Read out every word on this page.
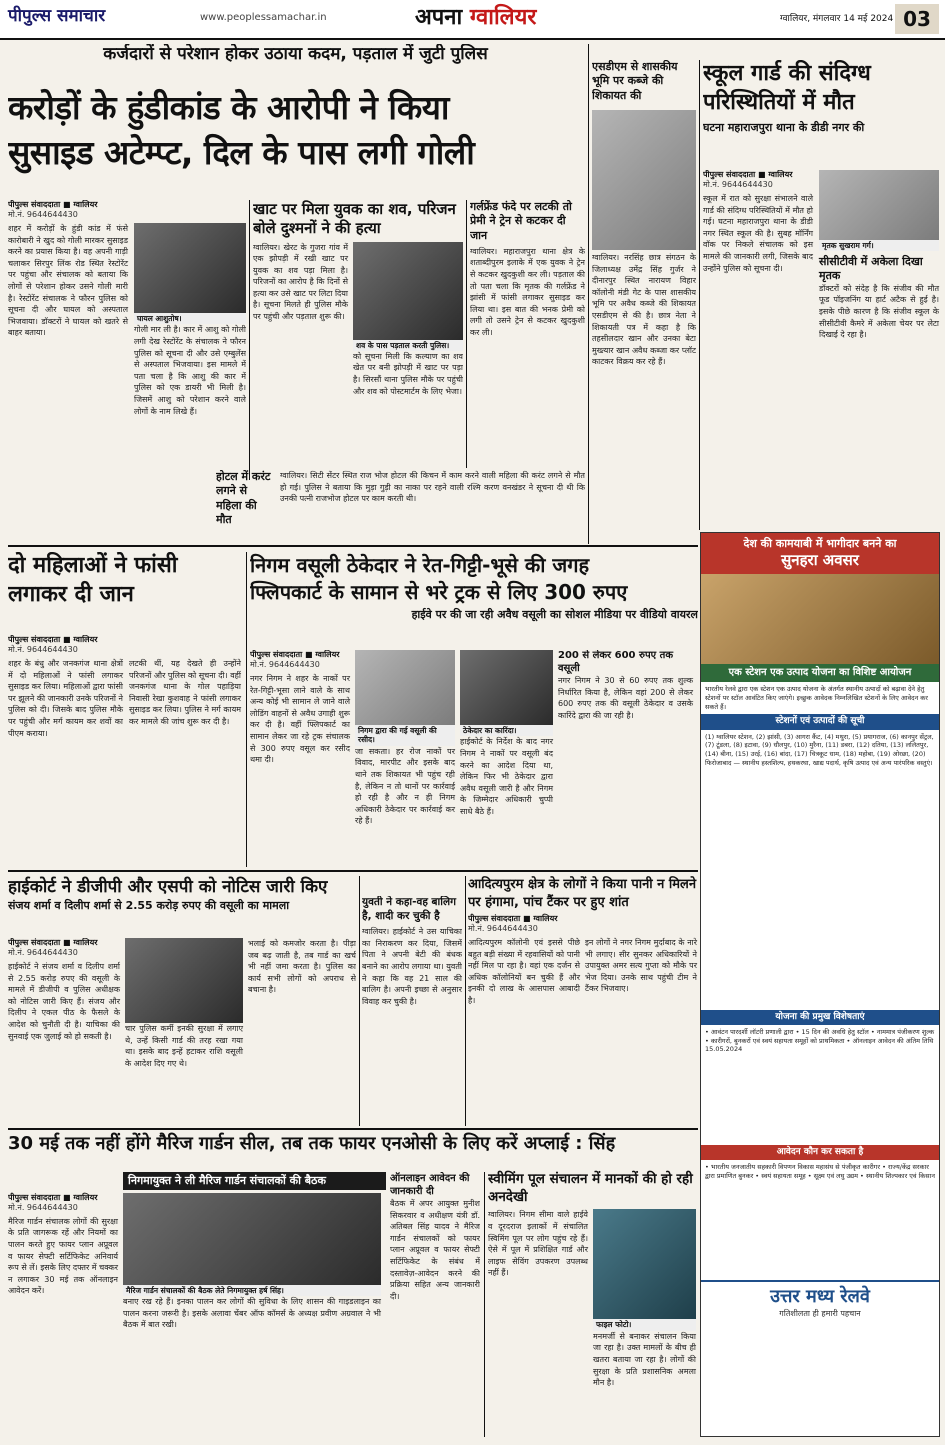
पीपुल्स समाचार	www.peoplessamachar.in	अपना ग्वालियर	ग्वालियर, मंगलवार 14 मई 2024 03
कर्जदारों से परेशान होकर उठाया कदम, पड़ताल में जुटी पुलिस
करोड़ों के हुंडीकांड के आरोपी ने किया
सुसाइड अटेम्प्ट, दिल के पास लगी गोली
पीपुल्स संवाददाता ■ ग्वालियर
मो.नं. 9644644430
शहर में करोड़ों के हुंडी कांड में फंसे कारोबारी ने खुद को गोली मारकर सुसाइड करने का प्रयास किया है। वह अपनी गाड़ी चलाकर सिरपुर लिंक रोड स्थित रेस्टोरेंट पर पहुंचा और संचालक को बताया कि लोगों से परेशान होकर उसने गोली मारी है। रेस्टोरेंट संचालक ने फौरन पुलिस को सूचना दी और घायल को अस्पताल भिजवाया। डॉक्टरों ने घायल को खतरे से बाहर बताया।
घायल आशुतोष।
गोली मार ली है। कार में आशु को गोली लगी देख रेस्टोरेंट के संचालक ने फौरन पुलिस को सूचना दी और उसे एम्बुलेंस से अस्पताल भिजवाया। इस मामले में पता चला है कि आशु की कार में पुलिस को एक डायरी भी मिली है। जिसमें आशु को परेशान करने वाले लोगों के नाम लिखे हैं।
खाट पर मिला युवक का शव, परिजन बोले दुश्मनों ने की हत्या
ग्वालियर। खेरट के गुजरा गांव में एक झोपड़ी में रखी खाट पर युवक का शव पड़ा मिला है। परिजनों का आरोप है कि दिनों से हत्या कर उसे खाट पर लिटा दिया है। सूचना मिलते ही पुलिस मौके पर पहुंची और पड़ताल शुरू की।
शव के पास पड़ताल करती पुलिस।
को सूचना मिली कि कल्याण का शव खेत पर बनी झोपड़ी में खाट पर पड़ा है। सिरसौं थाना पुलिस मौके पर पहुंची और शव को पोस्टमार्टम के लिए भेजा।
होटल में करंट लगने से महिला की मौत
ग्वालियर। सिटी सेंटर स्थित राज भोज होटल की किचन में काम करने वाली महिला की करंट लगने से मौत हो गई। पुलिस ने बताया कि मुड़ा गुड़ी का नाका पर रहने वाली रश्मि करण वनखंडर ने सूचना दी थी कि उनकी पत्नी राजभोज होटल पर काम करती थी।
गर्लफ्रेंड फंदे पर लटकी तो प्रेमी ने ट्रेन से कटकर दी जान
ग्वालियर। महाराजपुरा थाना क्षेत्र के शताब्दीपुरम इलाके में एक युवक ने ट्रेन से कटकर खुदकुशी कर ली। पड़ताल की तो पता चला कि मृतक की गर्लफ्रेंड ने झांसी में फांसी लगाकर सुसाइड कर लिया था। इस बात की भनक प्रेमी को लगी तो उसने ट्रेन से कटकर खुदकुशी कर ली।
एसडीएम से शासकीय भूमि पर कब्जे की शिकायत की
ग्वालियर। नरसिंह छात्र संगठन के जिलाध्यक्ष उमेंद्र सिंह गुर्जर ने दीनारपुर स्थित नारायण विहार कॉलोनी मंडी गेट के पास शासकीय भूमि पर अवैध कब्जे की शिकायत एसडीएम से की है। छात्र नेता ने शिकायती पत्र में कहा है कि तहसीलदार खान और उनका बेटा मुख्त्यार खान अवैध कब्जा कर प्लॉट काटकर विक्रय कर रहे हैं।
स्कूल गार्ड की संदिग्ध परिस्थितियों में मौत
घटना महाराजपुरा थाना के डीडी नगर की
पीपुल्स संवाददाता ■ ग्वालियर
मो.नं. 9644644430
स्कूल में रात को सुरक्षा संभालने वाले गार्ड की संदिग्ध परिस्थितियों में मौत हो गई। घटना महाराजपुरा थाना के डीडी नगर स्थित स्कूल की है। सुबह मॉर्निंग वॉक पर निकले संचालक को इस मामले की जानकारी लगी, जिसके बाद उन्होंने पुलिस को सूचना दी।
मृतक सुखराम गर्ग।
सीसीटीवी में अकेला दिखा मृतक
डॉक्टरों को संदेह है कि संजीव की मौत फूड पॉइजनिंग या हार्ट अटैक से हुई है। इसके पीछे कारण है कि संजीव स्कूल के सीसीटीवी कैमरे में अकेला चेयर पर लेटा दिखाई दे रहा है।
दो महिलाओं ने फांसी लगाकर दी जान
पीपुल्स संवाददाता ■ ग्वालियर
मो.नं. 9644644430
शहर के बंधु और जनकगंज थाना क्षेत्रों में दो महिलाओं ने फांसी लगाकर सुसाइड कर लिया। महिलाओं द्वारा फांसी पर झूलने की जानकारी उनके परिजनों ने पुलिस को दी। जिसके बाद पुलिस मौके पर पहुंची और मर्ग कायम कर शवों का पीएम कराया।
लटकी थीं, यह देखते ही उन्होंने परिजनों और पुलिस को सूचना दी। वहीं जनकगंज थाना के गोल पहाड़िया निवासी रेखा कुशवाह ने फांसी लगाकर सुसाइड कर लिया। पुलिस ने मर्ग कायम कर मामले की जांच शुरू कर दी है।
निगम वसूली ठेकेदार ने रेत-गिट्टी-भूसे की जगह
फ्लिपकार्ट के सामान से भरे ट्रक से लिए 300 रुपए
हाईवे पर की जा रही अवैध वसूली का सोशल मीडिया पर वीडियो वायरल
पीपुल्स संवाददाता ■ ग्वालियर
मो.नं. 9644644430
नगर निगम ने शहर के नाकों पर रेत-गिट्टी-भूसा लाने वाले के साथ अन्य कोई भी सामान ले जाने वाले लोडिंग वाहनों से अवैध उगाही शुरू कर दी है। वहीं फ्लिपकार्ट का सामान लेकर जा रहे ट्रक संचालक से 300 रुपए वसूल कर रसीद थमा दी।
निगम द्वारा की गई वसूली की रसीद।
जा सकता। हर रोज नाकों पर विवाद, मारपीट और इसके बाद थाने तक शिकायत भी पहुंच रही है, लेकिन न तो थानों पर कार्रवाई हो रही है और न ही निगम अधिकारी ठेकेदार पर कार्रवाई कर रहे हैं।
ठेकेदार का कारिंदा।
हाईकोर्ट के निर्देश के बाद नगर निगम ने नाकों पर वसूली बंद करने का आदेश दिया था, लेकिन फिर भी ठेकेदार द्वारा अवैध वसूली जारी है और निगम के जिम्मेदार अधिकारी चुप्पी साधे बैठे हैं।
200 से लेकर 600 रुपए तक वसूली
नगर निगम ने 30 से 60 रुपए तक शुल्क निर्धारित किया है, लेकिन वहां 200 से लेकर 600 रुपए तक की वसूली ठेकेदार व उसके कारिंदे द्वारा की जा रही है।
हाईकोर्ट ने डीजीपी और एसपी को नोटिस जारी किए
संजय शर्मा व दिलीप शर्मा से 2.55 करोड़ रुपए की वसूली का मामला
पीपुल्स संवाददाता ■ ग्वालियर
मो.नं. 9644644430
हाईकोर्ट ने संजय शर्मा व दिलीप शर्मा से 2.55 करोड़ रुपए की वसूली के मामले में डीजीपी व पुलिस अधीक्षक को नोटिस जारी किए हैं। संजय और दिलीप ने एकल पीठ के फैसले के आदेश को चुनौती दी है। याचिका की सुनवाई एक जुलाई को हो सकती है।
चार पुलिस कर्मी इनकी सुरक्षा में लगाए थे, उन्हें किसी गार्ड की तरह रखा गया था। इसके बाद इन्हें हटाकर राशि वसूली के आदेश दिए गए थे।
भलाई को कमजोर करता है। पीड़ा जब बढ़ जाती है, तब गार्ड का खर्च भी नहीं जमा करता है। पुलिस का कार्य सभी लोगों को अपराध से बचाना है।
युवती ने कहा-वह बालिग है, शादी कर चुकी है
ग्वालियर। हाईकोर्ट ने उस याचिका का निराकरण कर दिया, जिसमें पिता ने अपनी बेटी की बंधक बनाने का आरोप लगाया था। युवती ने कहा कि वह 21 साल की बालिग है। अपनी इच्छा से अनुसार विवाह कर चुकी है।
आदित्यपुरम क्षेत्र के लोगों ने किया पानी न मिलने पर हंगामा, पांच टैंकर पर हुए शांत
पीपुल्स संवाददाता ■ ग्वालियर
मो.नं. 9644644430
आदित्यपुरम कॉलोनी एवं इससे पीछे बहुत बड़ी संख्या में रहवासियों को पानी नहीं मिल पा रहा है। वहां एक दर्जन से अधिक कॉलोनियों बन चुकी हैं और इनकी दो लाख के आसपास आबादी है।
इन लोगों ने नगर निगम मुर्दाबाद के नारे भी लगाए। सीर सुनकर अधिकारियों ने उपायुक्त अमर सत्य गुप्ता को मौके पर भेज दिया। उनके साथ पहुंची टीम ने टैंकर भिजवाए।
30 मई तक नहीं होंगे मैरिज गार्डन सील, तब तक फायर एनओसी के लिए करें अप्लाई : सिंह
निगमायुक्त ने ली मैरिज गार्डन संचालकों की बैठक
पीपुल्स संवाददाता ■ ग्वालियर
मो.नं. 9644644430
मैरिज गार्डन संचालक लोगों की सुरक्षा के प्रति जागरूक रहें और नियमों का पालन करते हुए फायर प्लान अप्रूवल व फायर सेफ्टी सर्टिफिकेट अनिवार्य रूप से लें। इसके लिए दफ्तर में चक्कर न लगाकर 30 मई तक ऑनलाइन आवेदन करें।	मैरिज गार्डन संचालकों की बैठक लेते निगमायुक्त हर्ष सिंह।
बनाए रख रहे हैं। इनका पालन कर लोगों की सुविधा के लिए शासन की गाइडलाइन का पालन करना जरूरी है। इसके अलावा चेंबर ऑफ कॉमर्स के अध्यक्ष प्रवीण अग्रवाल ने भी बैठक में बात रखी।
ऑनलाइन आवेदन की जानकारी दी
बैठक में अपर आयुक्त मुनीश सिकरवार व अधीक्षण यंत्री डॉ. अतिबल सिंह यादव ने मैरिज गार्डन संचालकों को फायर प्लान अप्रूवल व फायर सेफ्टी सर्टिफिकेट के संबंध में दस्तावेज़-आवेदन करने की प्रक्रिया सहित अन्य जानकारी दी।
स्वीमिंग पूल संचालन में मानकों की हो रही अनदेखी
ग्वालियर। निगम सीमा वाले हाईवे व दूरदराज इलाकों में संचालित स्विमिंग पूल पर लोग पहुंच रहे हैं। ऐसे में पूल में प्रशिक्षित गार्ड और लाइफ सेविंग उपकरण उपलब्ध नहीं हैं।
फाइल फोटो।
मनमर्जी से बनाकर संचालन किया जा रहा है। उक्त मामलों के बीच ही खतरा बताया जा रहा है। लोगों की सुरक्षा के प्रति प्रशासनिक अमला मौन है।
देश की कामयाबी में भागीदार बनने का
सुनहरा अवसर
एक स्टेशन एक उत्पाद योजना का विशिष्ट आयोजन
भारतीय रेलवे द्वारा एक स्टेशन एक उत्पाद योजना के अंतर्गत स्थानीय उत्पादों को बढ़ावा देने हेतु स्टेशनों पर स्टॉल आवंटित किए जाएंगे। इच्छुक आवेदक निम्नलिखित स्टेशनों के लिए आवेदन कर सकते हैं।
स्टेशनों एवं उत्पादों की सूची
(1) ग्वालियर स्टेशन, (2) झांसी, (3) आगरा कैंट, (4) मथुरा, (5) प्रयागराज, (6) कानपुर सेंट्रल, (7) टूंडला, (8) इटावा, (9) धौलपुर, (10) मुरैना, (11) डबरा, (12) दतिया, (13) ललितपुर, (14) बीना, (15) उरई, (16) बांदा, (17) चित्रकूट धाम, (18) महोबा, (19) ओरछा, (20) फिरोजाबाद — स्थानीय हस्तशिल्प, हथकरघा, खाद्य पदार्थ, कृषि उत्पाद एवं अन्य पारंपरिक वस्तुएं।
योजना की प्रमुख विशेषताएं
• आवंटन पारदर्शी लॉटरी प्रणाली द्वारा • 15 दिन की अवधि हेतु स्टॉल • नाममात्र पंजीकरण शुल्क • कारीगरों, बुनकरों एवं स्वयं सहायता समूहों को प्राथमिकता • ऑनलाइन आवेदन की अंतिम तिथि 15.05.2024
आवेदन कौन कर सकता है
• भारतीय जनजातीय सहकारी विपणन विकास महासंघ से पंजीकृत कारीगर • राज्य/केंद्र सरकार द्वारा प्रमाणित बुनकर • स्वयं सहायता समूह • सूक्ष्म एवं लघु उद्यम • स्थानीय शिल्पकार एवं किसान
उत्तर मध्य रेलवे
गतिशीलता ही हमारी पहचान
